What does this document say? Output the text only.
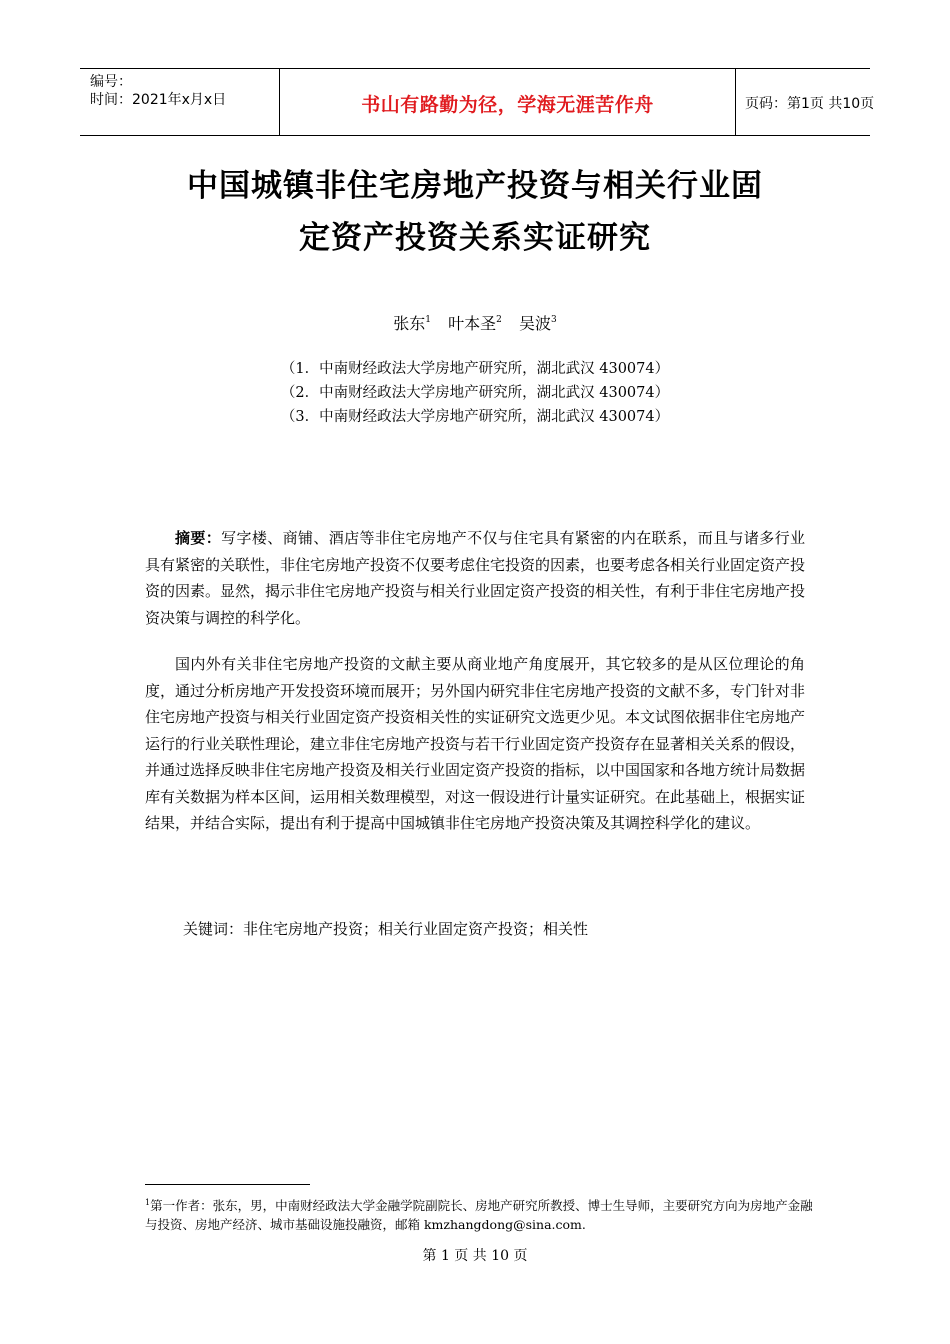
编号：
时间：2021年x月x日	书山有路勤为径，学海无涯苦作舟	页码：第1页 共10页
中国城镇非住宅房地产投资与相关行业固
定资产投资关系实证研究
张东$^1$ 叶本圣$^2$ 吴波$^3$
（1．中南财经政法大学房地产研究所，湖北武汉 430074）
（2．中南财经政法大学房地产研究所，湖北武汉 430074）
（3．中南财经政法大学房地产研究所，湖北武汉 430074）
摘要：写字楼、商铺、酒店等非住宅房地产不仅与住宅具有紧密的内在联系，而且与诸多行业具有紧密的关联性，非住宅房地产投资不仅要考虑住宅投资的因素，也要考虑各相关行业固定资产投资的因素。显然，揭示非住宅房地产投资与相关行业固定资产投资的相关性，有利于非住宅房地产投资决策与调控的科学化。
国内外有关非住宅房地产投资的文献主要从商业地产角度展开，其它较多的是从区位理论的角度，通过分析房地产开发投资环境而展开；另外国内研究非住宅房地产投资的文献不多，专门针对非住宅房地产投资与相关行业固定资产投资相关性的实证研究文选更少见。本文试图依据非住宅房地产运行的行业关联性理论，建立非住宅房地产投资与若干行业固定资产投资存在显著相关关系的假设，并通过选择反映非住宅房地产投资及相关行业固定资产投资的指标，以中国国家和各地方统计局数据库有关数据为样本区间，运用相关数理模型，对这一假设进行计量实证研究。在此基础上，根据实证结果，并结合实际，提出有利于提高中国城镇非住宅房地产投资决策及其调控科学化的建议。
关键词：非住宅房地产投资；相关行业固定资产投资；相关性
$^1$第一作者：张东，男，中南财经政法大学金融学院副院长、房地产研究所教授、博士生导师，主要研究方向为房地产金融与投资、房地产经济、城市基础设施投融资，邮箱 kmzhangdong@sina.com.
第 1 页 共 10 页
